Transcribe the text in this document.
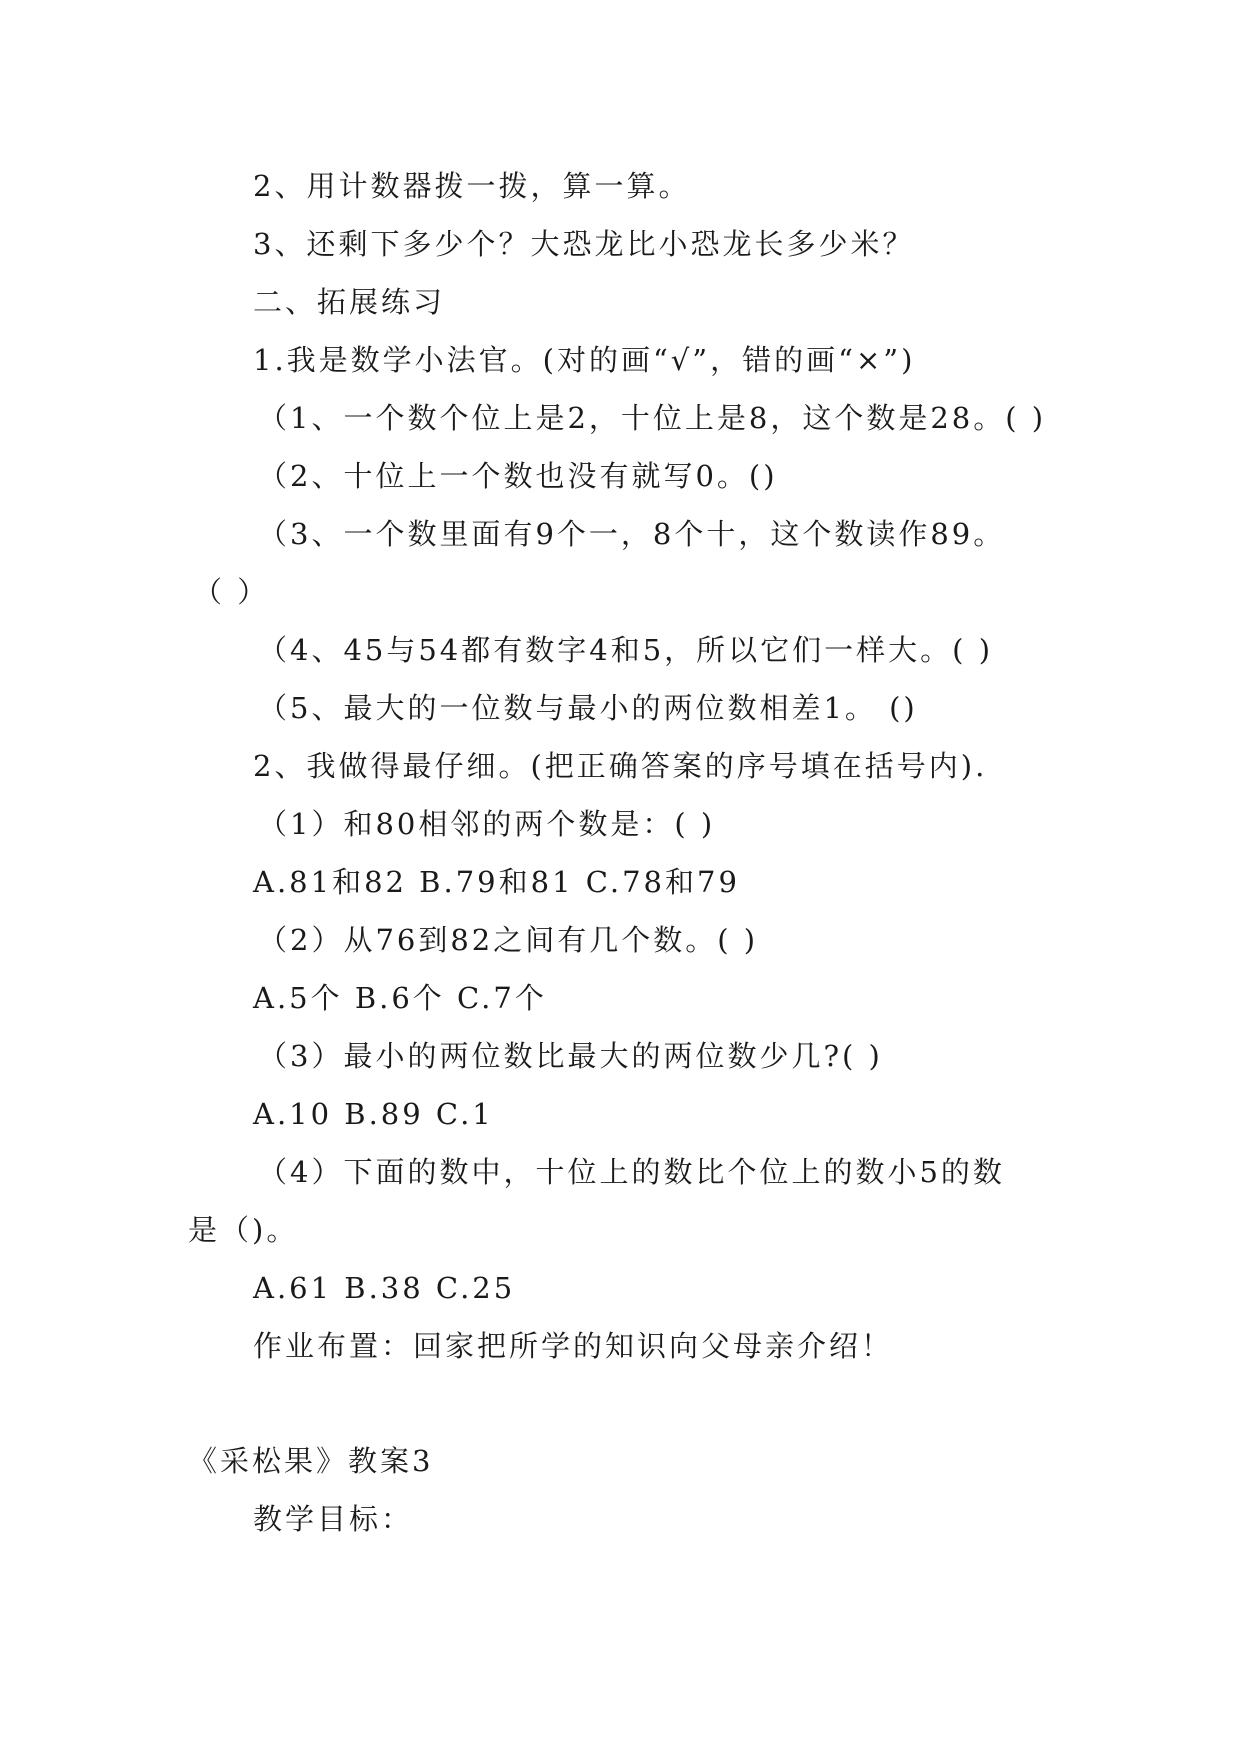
2、用计数器拨一拨，算一算。
3、还剩下多少个？大恐龙比小恐龙长多少米？
二、拓展练习
1.我是数学小法官。(对的画“√”，错的画“×”)
（1、一个数个位上是2，十位上是8，这个数是28。( )
（2、十位上一个数也没有就写0。()
（3、一个数里面有9个一，8个十，这个数读作89。
（ ）
（4、45与54都有数字4和5，所以它们一样大。( )
（5、最大的一位数与最小的两位数相差1。 ()
2、我做得最仔细。(把正确答案的序号填在括号内).
（1）和80相邻的两个数是：( )
A.81和82 B.79和81 C.78和79
（2）从76到82之间有几个数。( )
A.5个 B.6个 C.7个
（3）最小的两位数比最大的两位数少几?( )
A.10 B.89 C.1
（4）下面的数中，十位上的数比个位上的数小5的数
是（)。
A.61 B.38 C.25
作业布置：回家把所学的知识向父母亲介绍！
《采松果》教案3
教学目标：
